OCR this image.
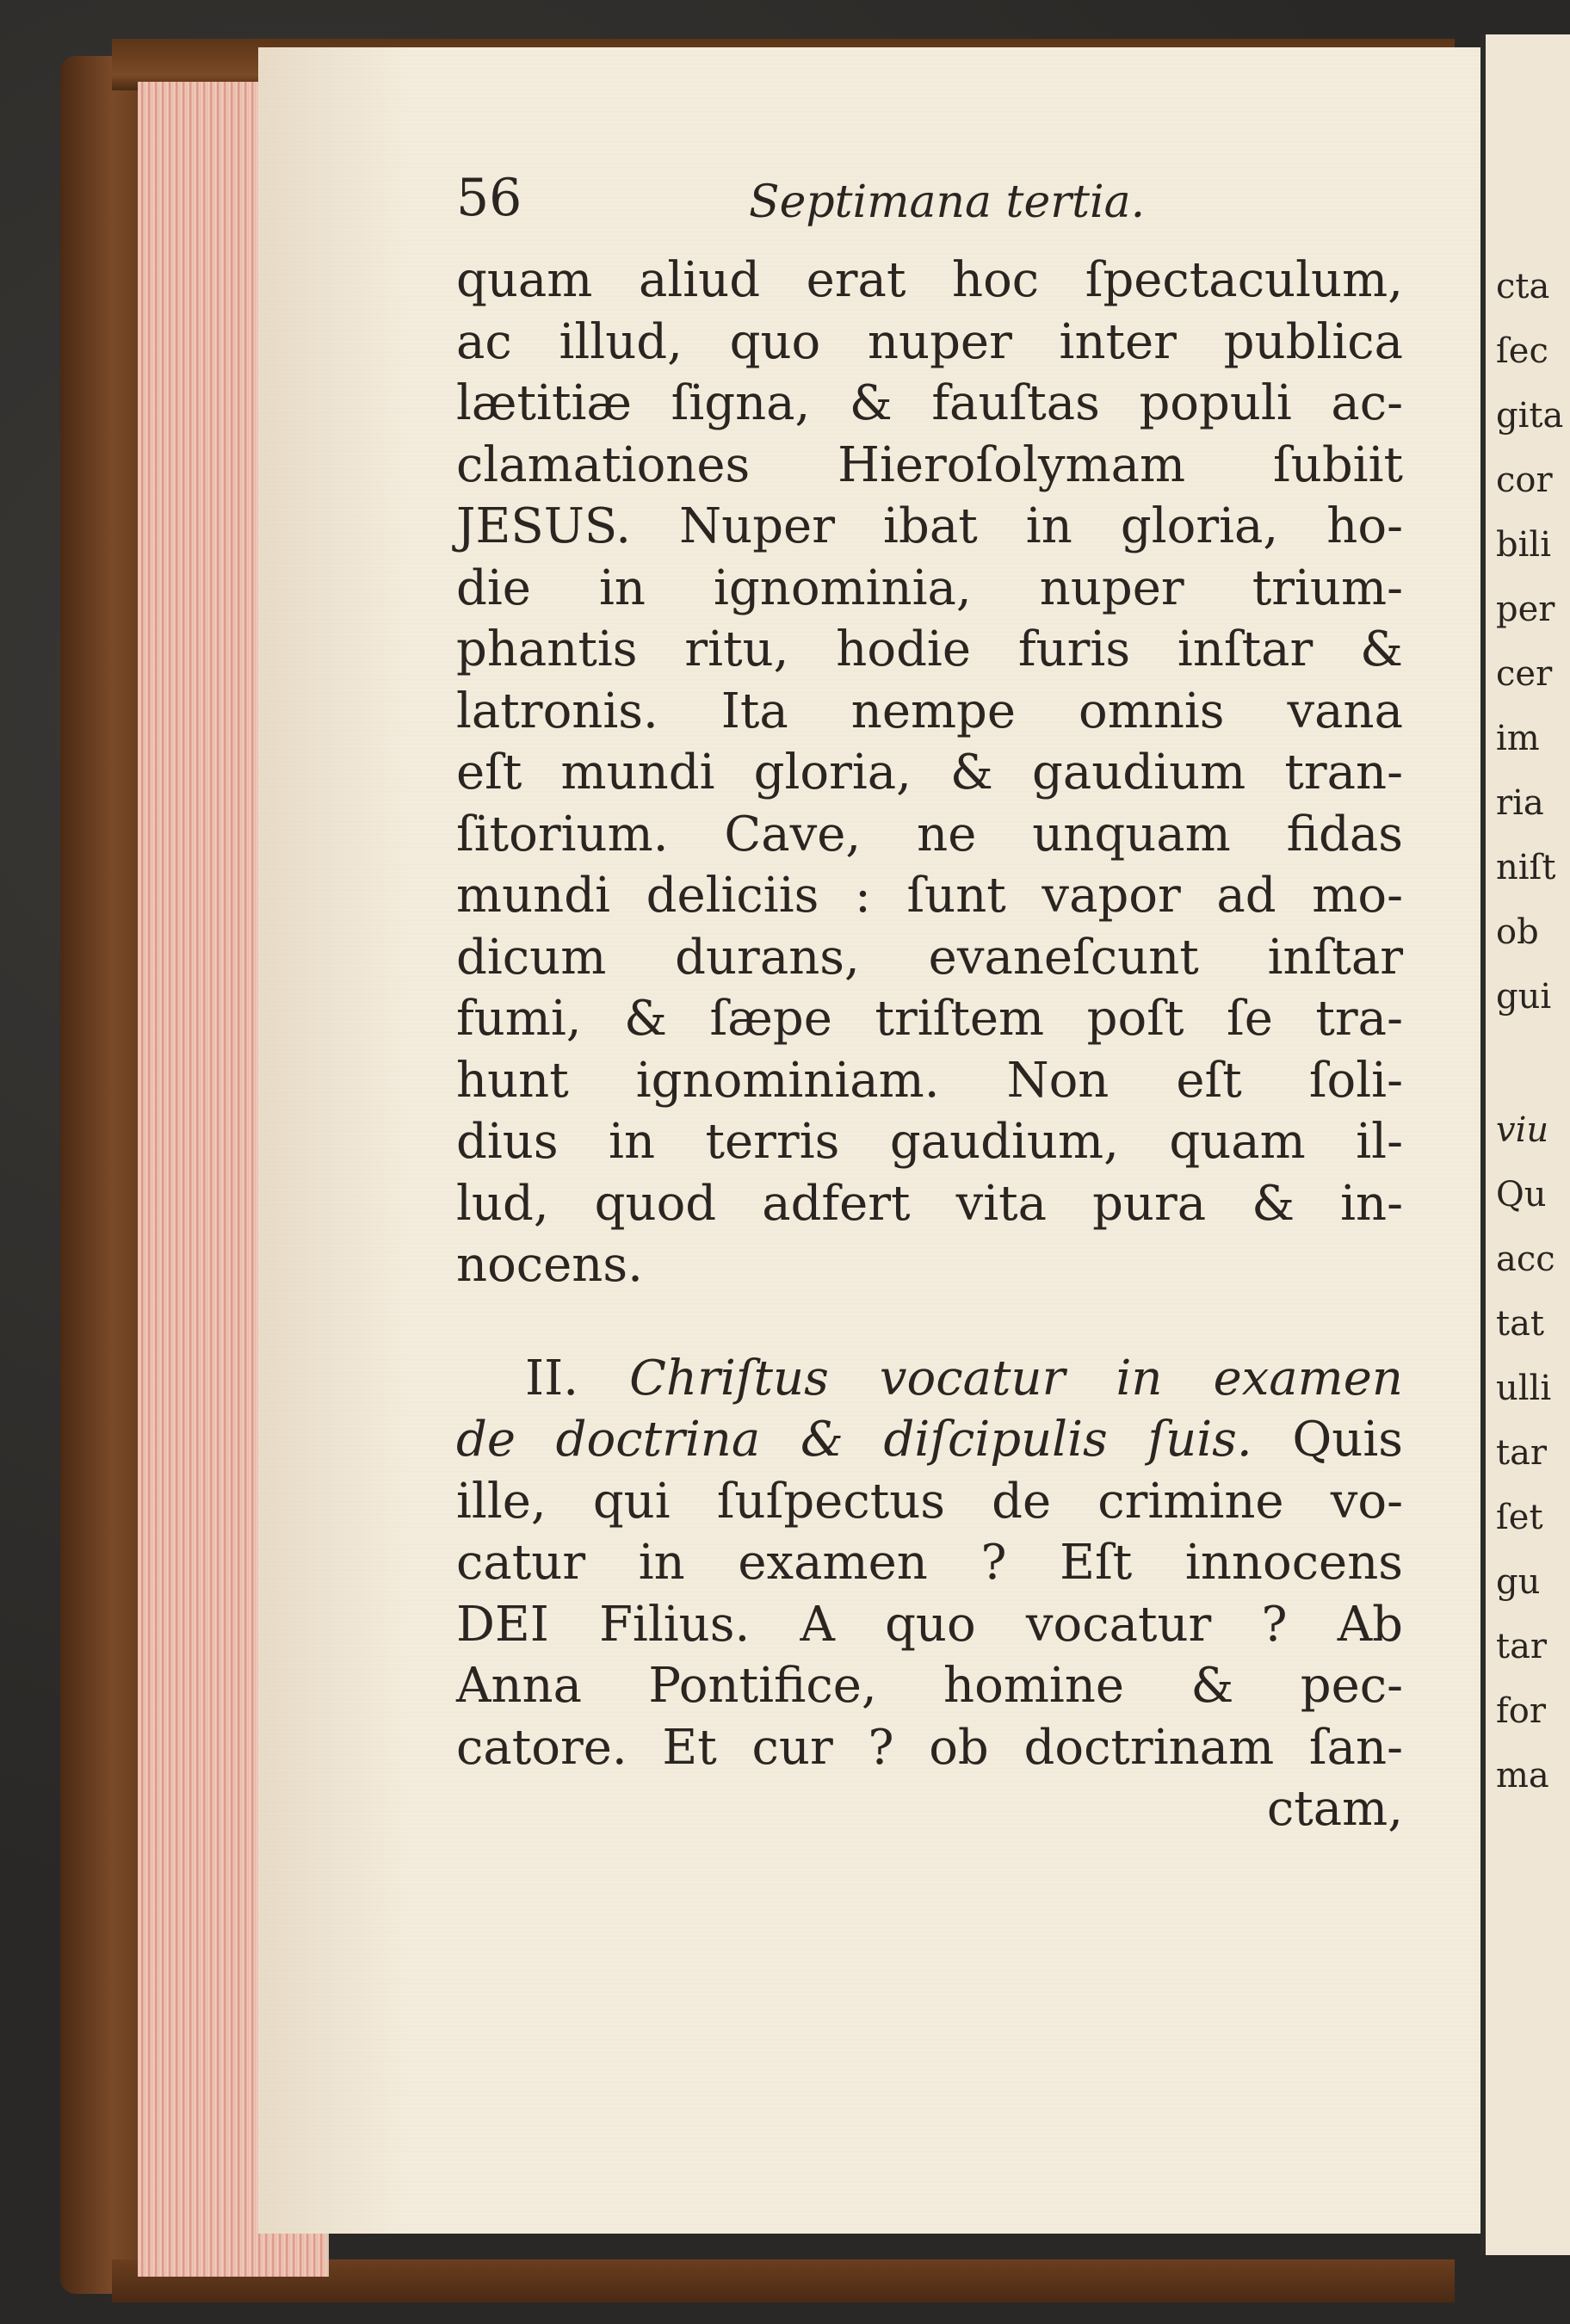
cta
ſec
gita
cor
bili
per
cer
im
ria
niſt
ob
gui
viu
Qu
acc
tat
ulli
tar
ſet
gu
tar
for
ma
56	Septimana tertia.
quam aliud erat hoc ſpectaculum,
ac illud, quo nuper inter publica
lætitiæ ſigna, & fauſtas populi ac-
clamationes Hieroſolymam ſubiit
JESUS. Nuper ibat in gloria, ho-
die in ignominia, nuper trium-
phantis ritu, hodie furis inſtar &
latronis. Ita nempe omnis vana
eſt mundi gloria, & gaudium tran-
ſitorium. Cave, ne unquam fidas
mundi deliciis : ſunt vapor ad mo-
dicum durans, evaneſcunt inſtar
fumi, & ſæpe triſtem poſt ſe tra-
hunt ignominiam. Non eſt ſoli-
dius in terris gaudium, quam il-
lud, quod adfert vita pura & in-
nocens.
II. Chriſtus vocatur in examen
de doctrina & diſcipulis ſuis. Quis
ille, qui ſuſpectus de crimine vo-
catur in examen ? Eſt innocens
DEI Filius. A quo vocatur ? Ab
Anna Pontifice, homine & pec-
catore. Et cur ? ob doctrinam ſan-
ctam,
